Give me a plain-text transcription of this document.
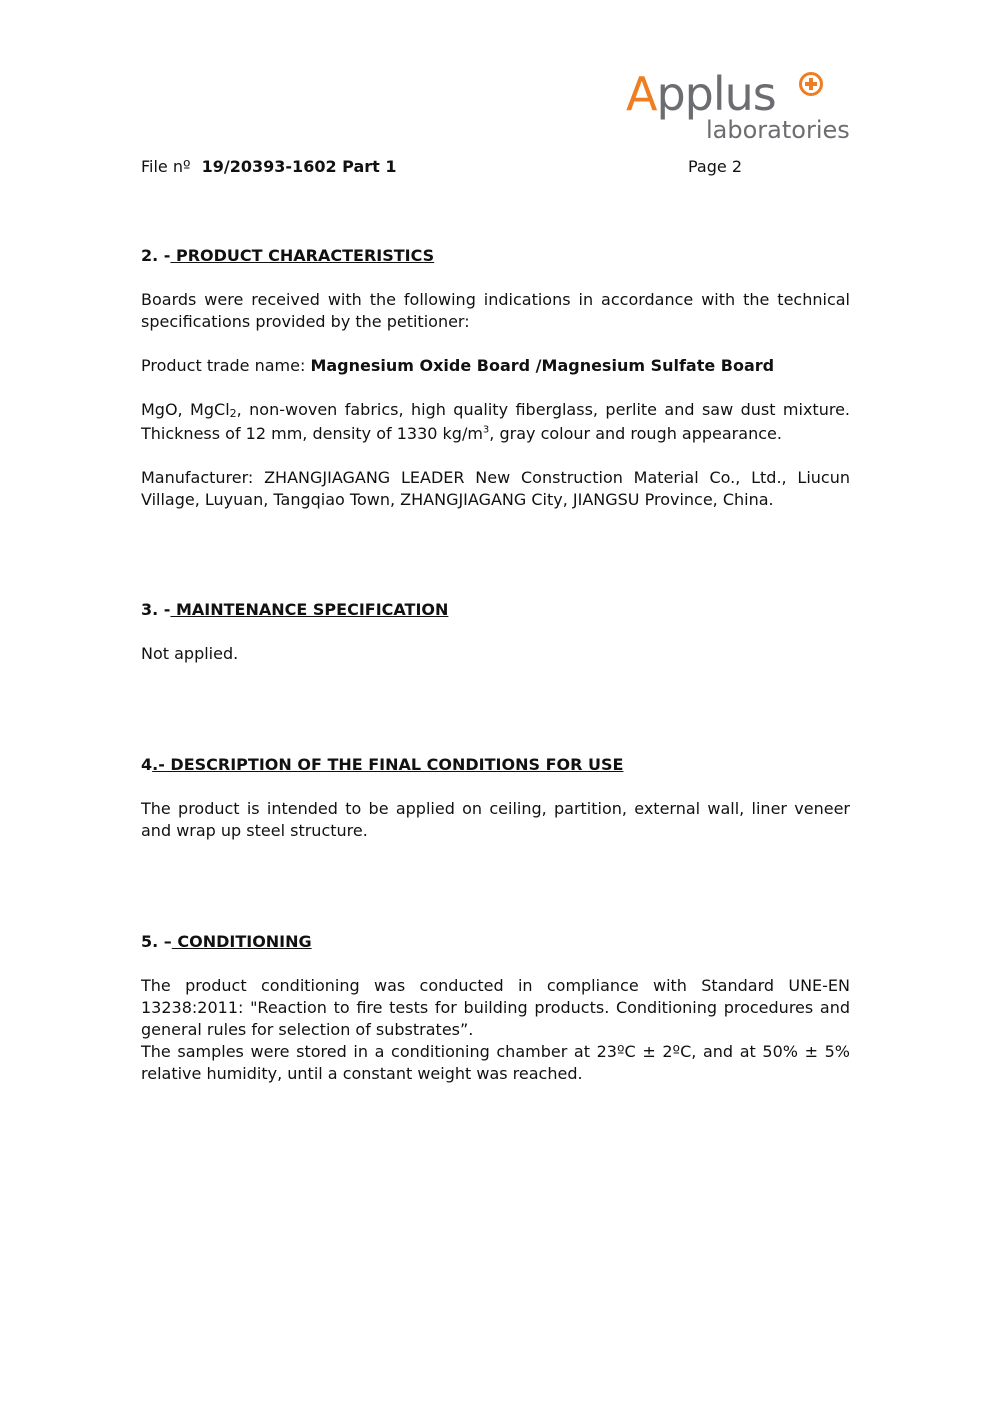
Applus
laboratories
File nº 19/20393-1602 Part 1	Page 2
2. - PRODUCT CHARACTERISTICS

Boards were received with the following indications in accordance with the technical specifications provided by the petitioner:

Product trade name: Magnesium Oxide Board /Magnesium Sulfate Board

MgO, MgCl2, non-woven fabrics, high quality fiberglass, perlite and saw dust mixture. Thickness of 12 mm, density of 1330 $kg/m^3$, gray colour and rough appearance.

Manufacturer: ZHANGJIAGANG LEADER New Construction Material Co., Ltd., Liucun Village, Luyuan, Tangqiao Town, ZHANGJIAGANG City, JIANGSU Province, China.

3. - MAINTENANCE SPECIFICATION

Not applied.

4.- DESCRIPTION OF THE FINAL CONDITIONS FOR USE

The product is intended to be applied on ceiling, partition, external wall, liner veneer and wrap up steel structure.

5. – CONDITIONING

The product conditioning was conducted in compliance with Standard UNE-EN 13238:2011: "Reaction to fire tests for building products. Conditioning procedures and general rules for selection of substrates”.

The samples were stored in a conditioning chamber at 23ºC ± 2ºC, and at 50% ± 5% relative humidity, until a constant weight was reached.
